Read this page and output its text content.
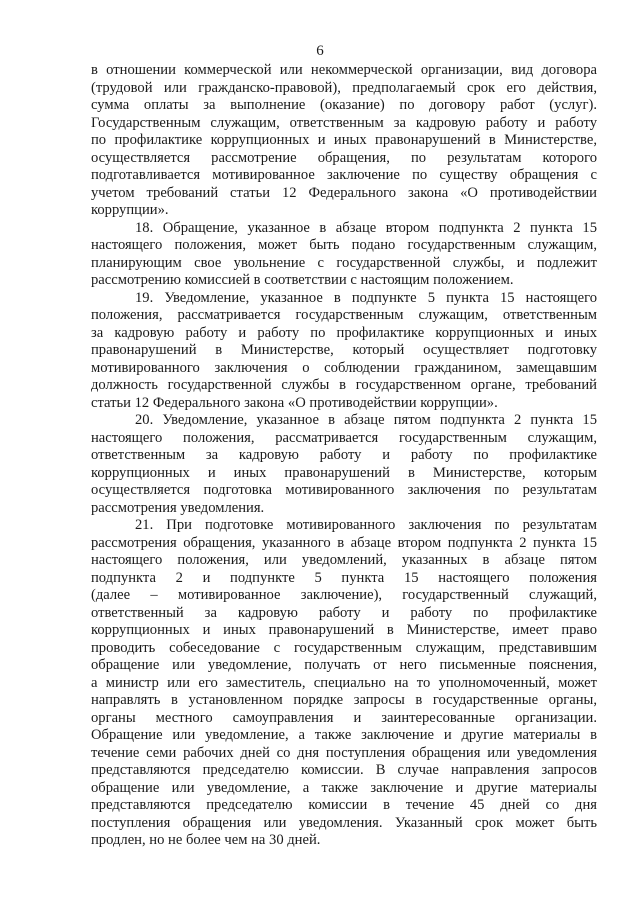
6
в отношении коммерческой или некоммерческой организации, вид договора
(трудовой или гражданско-правовой), предполагаемый срок его действия,
сумма оплаты за выполнение (оказание) по договору работ (услуг).
Государственным служащим, ответственным за кадровую работу и работу
по профилактике коррупционных и иных правонарушений в Министерстве,
осуществляется рассмотрение обращения, по результатам которого
подготавливается мотивированное заключение по существу обращения с
учетом требований статьи 12 Федерального закона «О противодействии
коррупции».
18. Обращение, указанное в абзаце втором подпункта 2 пункта 15
настоящего положения, может быть подано государственным служащим,
планирующим свое увольнение с государственной службы, и подлежит
рассмотрению комиссией в соответствии с настоящим положением.
19. Уведомление, указанное в подпункте 5 пункта 15 настоящего
положения, рассматривается государственным служащим, ответственным
за кадровую работу и работу по профилактике коррупционных и иных
правонарушений в Министерстве, который осуществляет подготовку
мотивированного заключения о соблюдении гражданином, замещавшим
должность государственной службы в государственном органе, требований
статьи 12 Федерального закона «О противодействии коррупции».
20. Уведомление, указанное в абзаце пятом подпункта 2 пункта 15
настоящего положения, рассматривается государственным служащим,
ответственным за кадровую работу и работу по профилактике
коррупционных и иных правонарушений в Министерстве, которым
осуществляется подготовка мотивированного заключения по результатам
рассмотрения уведомления.
21. При подготовке мотивированного заключения по результатам
рассмотрения обращения, указанного в абзаце втором подпункта 2 пункта 15
настоящего положения, или уведомлений, указанных в абзаце пятом
подпункта 2 и подпункте 5 пункта 15 настоящего положения
(далее – мотивированное заключение), государственный служащий,
ответственный за кадровую работу и работу по профилактике
коррупционных и иных правонарушений в Министерстве, имеет право
проводить собеседование с государственным служащим, представившим
обращение или уведомление, получать от него письменные пояснения,
а министр или его заместитель, специально на то уполномоченный, может
направлять в установленном порядке запросы в государственные органы,
органы местного самоуправления и заинтересованные организации.
Обращение или уведомление, а также заключение и другие материалы в
течение семи рабочих дней со дня поступления обращения или уведомления
представляются председателю комиссии. В случае направления запросов
обращение или уведомление, а также заключение и другие материалы
представляются председателю комиссии в течение 45 дней со дня
поступления обращения или уведомления. Указанный срок может быть
продлен, но не более чем на 30 дней.
